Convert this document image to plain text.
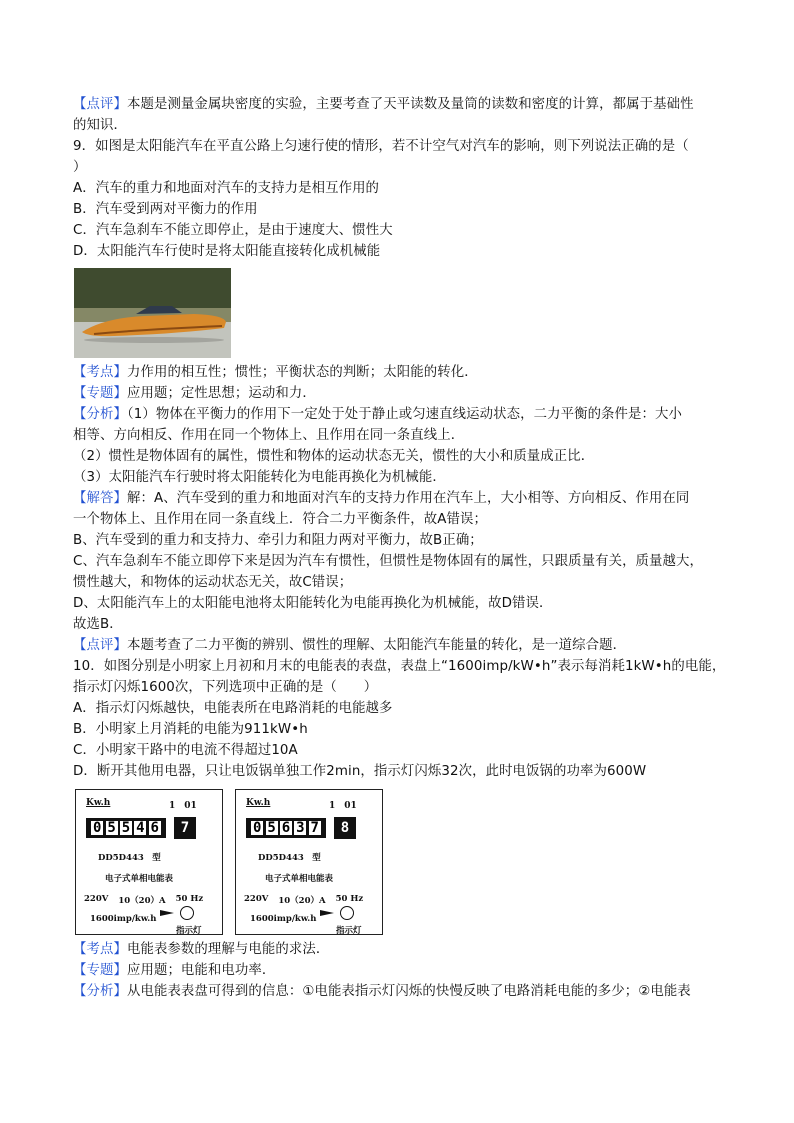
【点评】本题是测量金属块密度的实验，主要考查了天平读数及量筒的读数和密度的计算，都属于基础性
的知识．
9．如图是太阳能汽车在平直公路上匀速行使的情形，若不计空气对汽车的影响，则下列说法正确的是（
）
A．汽车的重力和地面对汽车的支持力是相互作用的
B．汽车受到两对平衡力的作用
C．汽车急刹车不能立即停止，是由于速度大、惯性大
D．太阳能汽车行使时是将太阳能直接转化成机械能
【考点】力作用的相互性；惯性；平衡状态的判断；太阳能的转化．
【专题】应用题；定性思想；运动和力．
【分析】（1）物体在平衡力的作用下一定处于处于静止或匀速直线运动状态，二力平衡的条件是：大小
相等、方向相反、作用在同一个物体上、且作用在同一条直线上．
（2）惯性是物体固有的属性，惯性和物体的运动状态无关，惯性的大小和质量成正比．
（3）太阳能汽车行驶时将太阳能转化为电能再换化为机械能．
【解答】解：A、汽车受到的重力和地面对汽车的支持力作用在汽车上，大小相等、方向相反、作用在同
一个物体上、且作用在同一条直线上．符合二力平衡条件，故A错误；
B、汽车受到的重力和支持力、牵引力和阻力两对平衡力，故B正确；
C、汽车急刹车不能立即停下来是因为汽车有惯性，但惯性是物体固有的属性，只跟质量有关，质量越大，
惯性越大，和物体的运动状态无关，故C错误；
D、太阳能汽车上的太阳能电池将太阳能转化为电能再换化为机械能，故D错误．
故选B．
【点评】本题考查了二力平衡的辨别、惯性的理解、太阳能汽车能量的转化，是一道综合题．
10．如图分别是小明家上月初和月末的电能表的表盘，表盘上“1600imp/kW•h”表示每消耗1kW•h的电能，
指示灯闪烁1600次，下列选项中正确的是（　　）
A．指示灯闪烁越快，电能表所在电路消耗的电能越多
B．小明家上月消耗的电能为911kW•h
C．小明家干路中的电流不得超过10A
D．断开其他用电器，只让电饭锅单独工作2min，指示灯闪烁32次，此时电饭锅的功率为600W
Kw.h	1　01
0 5 5 4 6	7
DD5D443　型
电子式单相电能表
220V 10（20）A 50 Hz
1600imp/kw.h
指示灯
Kw.h	1　01
0 5 6 3 7	8
DD5D443　型
电子式单相电能表
220V 10（20）A 50 Hz
1600imp/kw.h
指示灯
【考点】电能表参数的理解与电能的求法．
【专题】应用题；电能和电功率．
【分析】从电能表表盘可得到的信息：①电能表指示灯闪烁的快慢反映了电路消耗电能的多少；②电能表
